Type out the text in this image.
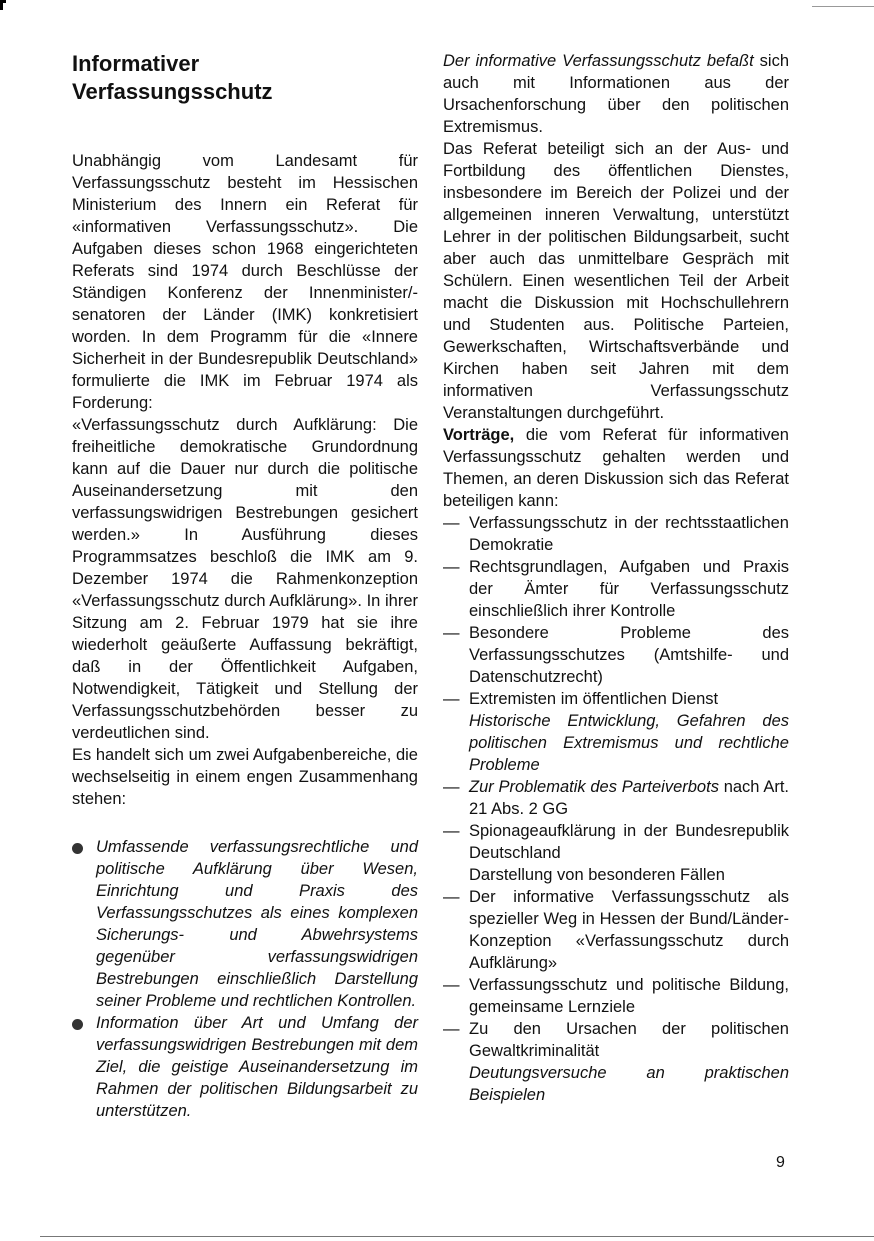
Informativer
Verfassungsschutz

Unabhängig vom Landesamt für Verfassungsschutz besteht im Hessischen Ministerium des Innern ein Referat für «informativen Verfassungsschutz». Die Aufgaben dieses schon 1968 eingerichteten Referats sind 1974 durch Beschlüsse der Ständigen Konferenz der Innenminister/-senatoren der Länder (IMK) konkretisiert worden. In dem Programm für die «Innere Sicherheit in der Bundesrepublik Deutschland» formulierte die IMK im Februar 1974 als Forderung:

«Verfassungsschutz durch Aufklärung: Die freiheitliche demokratische Grundordnung kann auf die Dauer nur durch die politische Auseinandersetzung mit den verfassungswidrigen Bestrebungen gesichert werden.» In Ausführung dieses Programmsatzes beschloß die IMK am 9. Dezember 1974 die Rahmenkonzeption «Verfassungsschutz durch Aufklärung». In ihrer Sitzung am 2. Februar 1979 hat sie ihre wiederholt geäußerte Auffassung bekräftigt, daß in der Öffentlichkeit Aufgaben, Notwendigkeit, Tätigkeit und Stellung der Verfassungsschutzbehörden besser zu verdeutlichen sind.

Es handelt sich um zwei Aufgabenbereiche, die wechselseitig in einem engen Zusammenhang stehen:

Umfassende verfassungsrechtliche und politische Aufklärung über Wesen, Einrichtung und Praxis des Verfassungsschutzes als eines komplexen Sicherungs- und Abwehrsystems gegenüber verfassungswidrigen Bestrebungen einschließlich Darstellung seiner Probleme und rechtlichen Kontrollen.
Information über Art und Umfang der verfassungswidrigen Bestrebungen mit dem Ziel, die geistige Auseinandersetzung im Rahmen der politischen Bildungsarbeit zu unterstützen.

Der informative Verfassungsschutz befaßt sich auch mit Informationen aus der Ursachenforschung über den politischen Extremismus.

Das Referat beteiligt sich an der Aus- und Fortbildung des öffentlichen Dienstes, insbesondere im Bereich der Polizei und der allgemeinen inneren Verwaltung, unterstützt Lehrer in der politischen Bildungsarbeit, sucht aber auch das unmittelbare Gespräch mit Schülern. Einen wesentlichen Teil der Arbeit macht die Diskussion mit Hochschullehrern und Studenten aus. Politische Parteien, Gewerkschaften, Wirtschaftsverbände und Kirchen haben seit Jahren mit dem informativen Verfassungsschutz Veranstaltungen durchgeführt.

Vorträge, die vom Referat für informativen Verfassungsschutz gehalten werden und Themen, an deren Diskussion sich das Referat beteiligen kann:

— Verfassungsschutz in der rechtsstaatlichen Demokratie
— Rechtsgrundlagen, Aufgaben und Praxis der Ämter für Verfassungsschutz einschließlich ihrer Kontrolle
— Besondere Probleme des Verfassungsschutzes (Amtshilfe- und Datenschutzrecht)
— Extremisten im öffentlichen Dienst
Historische Entwicklung, Gefahren des politischen Extremismus und rechtliche Probleme
— Zur Problematik des Parteiverbots nach Art. 21 Abs. 2 GG
— Spionageaufklärung in der Bundesrepublik Deutschland
Darstellung von besonderen Fällen
— Der informative Verfassungsschutz als spezieller Weg in Hessen der Bund/Länder-Konzeption «Verfassungsschutz durch Aufklärung»
— Verfassungsschutz und politische Bildung, gemeinsame Lernziele
— Zu den Ursachen der politischen Gewaltkriminalität
Deutungsversuche an praktischen Beispielen
9
